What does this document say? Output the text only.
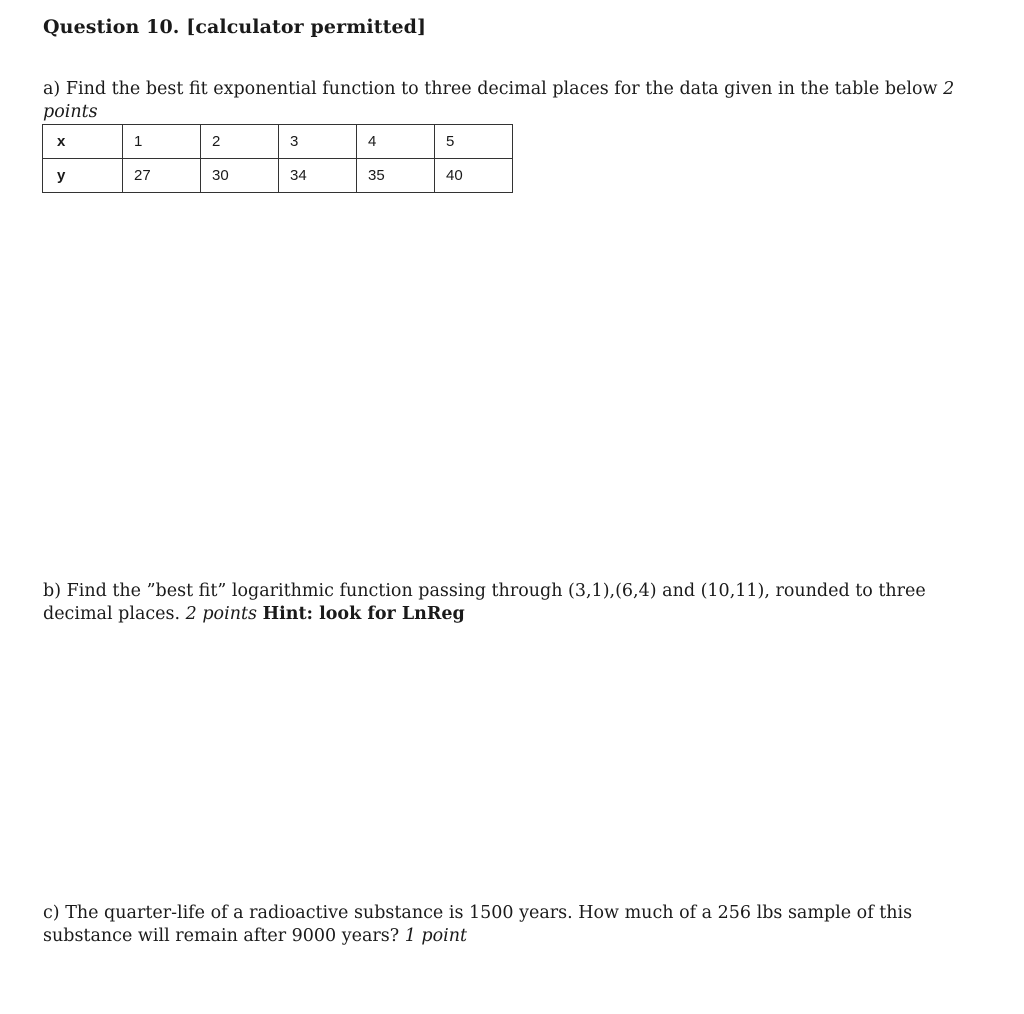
Question 10. [calculator permitted]
a) Find the best fit exponential function to three decimal places for the data given in the table below 2 points
x	1	2	3	4	5
y	27	30	34	35	40
b) Find the ”best fit” logarithmic function passing through (3,1),(6,4) and (10,11), rounded to three decimal places. 2 points Hint: look for LnReg
c) The quarter-life of a radioactive substance is 1500 years. How much of a 256 lbs sample of this substance will remain after 9000 years? 1 point
